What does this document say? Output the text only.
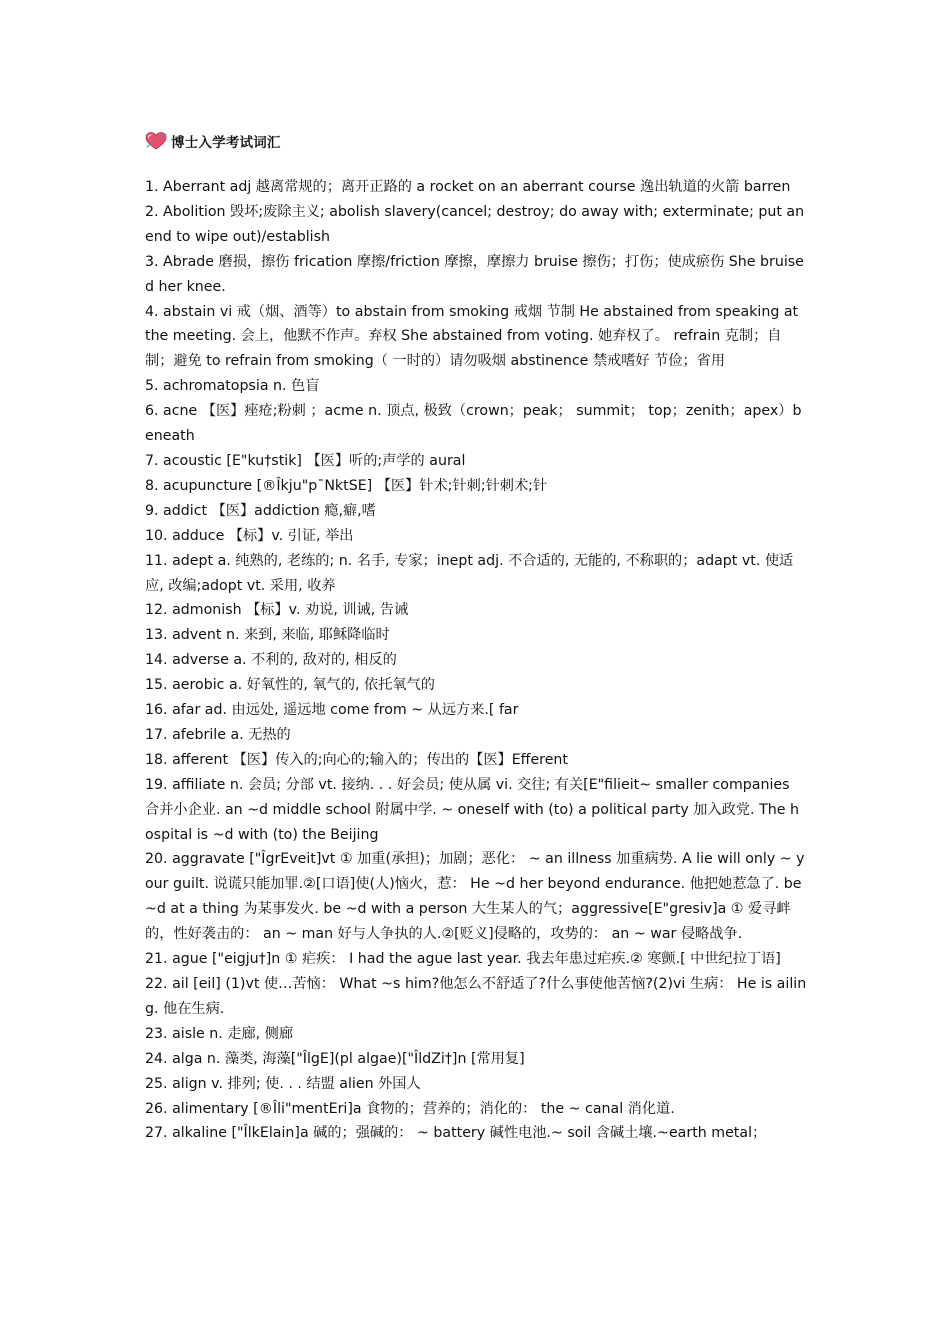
博士入学考试词汇
1. Aberrant adj 越离常规的；离开正路的 a rocket on an aberrant course 逸出轨道的火箭 barren
2. Abolition 毁坏;废除主义; abolish slavery(cancel; destroy; do away with; exterminate; put an end to wipe out)/establish
3. Abrade 磨损，擦伤 frication 摩擦/friction 摩擦，摩擦力 bruise 擦伤；打伤；使成瘀伤 She bruised her knee.
4. abstain vi 戒（烟、酒等）to abstain from smoking 戒烟 节制 He abstained from speaking at the meeting. 会上，他默不作声。弃权 She abstained from voting. 她弃权了。 refrain 克制；自制；避免 to refrain from smoking（ 一时的）请勿吸烟 abstinence 禁戒嗜好 节俭；省用
5. achromatopsia n. 色盲
6. acne 【医】痤疮;粉刺 ；acme n. 顶点, 极致（crown；peak； summit； top；zenith；apex）beneath
7. acoustic [E"ku†stik] 【医】听的;声学的 aural
8. acupuncture [®Îkju"p¯NktSE] 【医】针术;针刺;针刺术;针
9. addict 【医】addiction 瘾,癖,嗜
10. adduce 【标】v. 引证, 举出
11. adept a. 纯熟的, 老练的; n. 名手, 专家；inept adj. 不合适的, 无能的, 不称职的；adapt vt. 使适应, 改编;adopt vt. 采用, 收养
12. admonish 【标】v. 劝说, 训诫, 告诫
13. advent n. 来到, 来临, 耶稣降临时
14. adverse a. 不利的, 敌对的, 相反的
15. aerobic a. 好氧性的, 氧气的, 依托氧气的
16. afar ad. 由远处, 遥远地 come from ~ 从远方来.[ far
17. afebrile a. 无热的
18. afferent 【医】传入的;向心的;输入的；传出的【医】Efferent
19. affiliate n. 会员; 分部 vt. 接纳. . . 好会员; 使从属 vi. 交往; 有关[E"filieit~ smaller companies 合并小企业. an ~d middle school 附属中学. ~ oneself with (to) a political party 加入政党. The hospital is ~d with (to) the Beijing
20. aggravate ["ÎgrEveit]vt ① 加重(承担)；加剧；恶化： ~ an illness 加重病势. A lie will only ~ your guilt. 说谎只能加罪.②[口语]使(人)恼火，惹： He ~d her beyond endurance. 他把她惹急了. be ~d at a thing 为某事发火. be ~d with a person 大生某人的气；aggressive[E"gresiv]a ① 爱寻衅的，性好袭击的： an ~ man 好与人争执的人.②[贬义]侵略的，攻势的： an ~ war 侵略战争.
21. ague ["eigju†]n ① 疟疾： I had the ague last year. 我去年患过疟疾.② 寒颤.[ 中世纪拉丁语]
22. ail [eil] (1)vt 使…苦恼： What ~s him?他怎么不舒适了?什么事使他苦恼?(2)vi 生病： He is ailing. 他在生病.
23. aisle n. 走廊, 侧廊
24. alga n. 藻类, 海藻["ÎlgE](pl algae)["ÎldZi†]n [常用复]
25. align v. 排列; 使. . . 结盟 alien 外国人
26. alimentary [®Îli"mentEri]a 食物的；营养的；消化的： the ~ canal 消化道.
27. alkaline ["ÎlkElain]a 碱的；强碱的： ~ battery 碱性电池.~ soil 含碱土壤.~earth metal；
